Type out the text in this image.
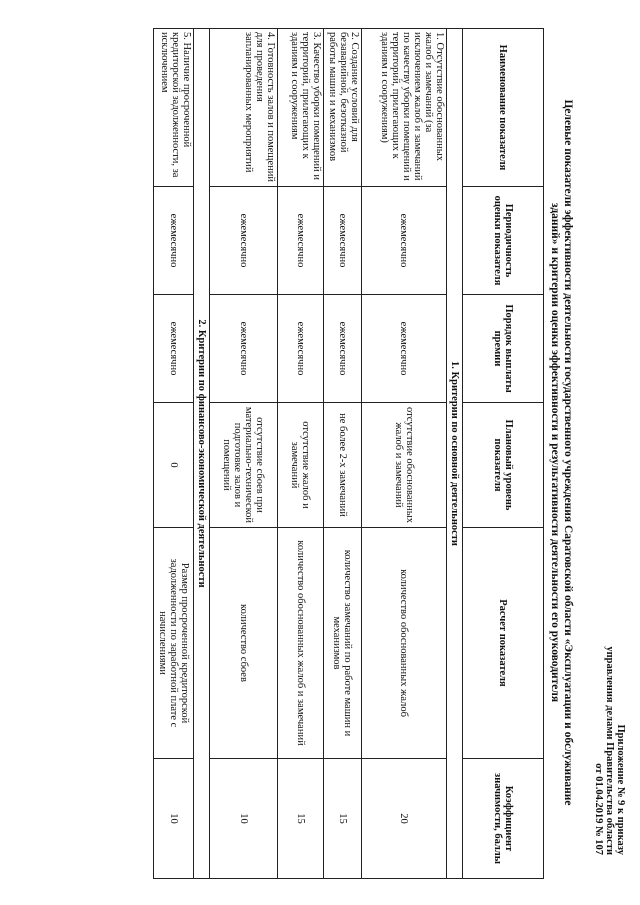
Приложение № 9 к приказу
управления делами Правительства области
от 01.04.2019 № 107
Целевые показатели эффективности деятельности государственного учреждения Саратовской области «Эксплуатации и обслуживание
зданий» и критерии оценки эффективности и результативности деятельности его руководителя
Наименование показателя	Периодичность оценки показателя	Порядок выплаты премии	Плановый уровень показателя	Расчет показателя	Коэффициент значимости, баллы
1. Критерии по основной деятельности					
1. Отсутствие обоснованных жалоб и замечаний (за исключением жалоб и замечаний по качеству уборки помещений и территорий, прилегающих к зданиям и сооружениям)	ежемесячно	ежемесячно	отсутствие обоснованных жалоб и замечаний	количество обоснованных жалоб	20
2. Создание условий для безаварийной, безотказной работы машин и механизмов	ежемесячно	ежемесячно	не более 2-х замечаний	количество замечаний по работе машин и механизмов	15
3. Качество уборки помещений и территорий, прилегающих к зданиям и сооружениям	ежемесячно	ежемесячно	отсутствие жалоб и замечаний	количество обоснованных жалоб и замечаний	15
4. Готовность залов и помещений для проведения запланированных мероприятий	ежемесячно	ежемесячно	отсутствие сбоев при материально-технической подготовке залов и помещений	количество сбоев	10
2. Критерии по финансово-экономической деятельности					
5. Наличие просроченной кредиторской задолженности, за исключением	ежемесячно	ежемесячно	0	Размер просроченной кредиторской задолженности по заработной плате с начислениями	10
